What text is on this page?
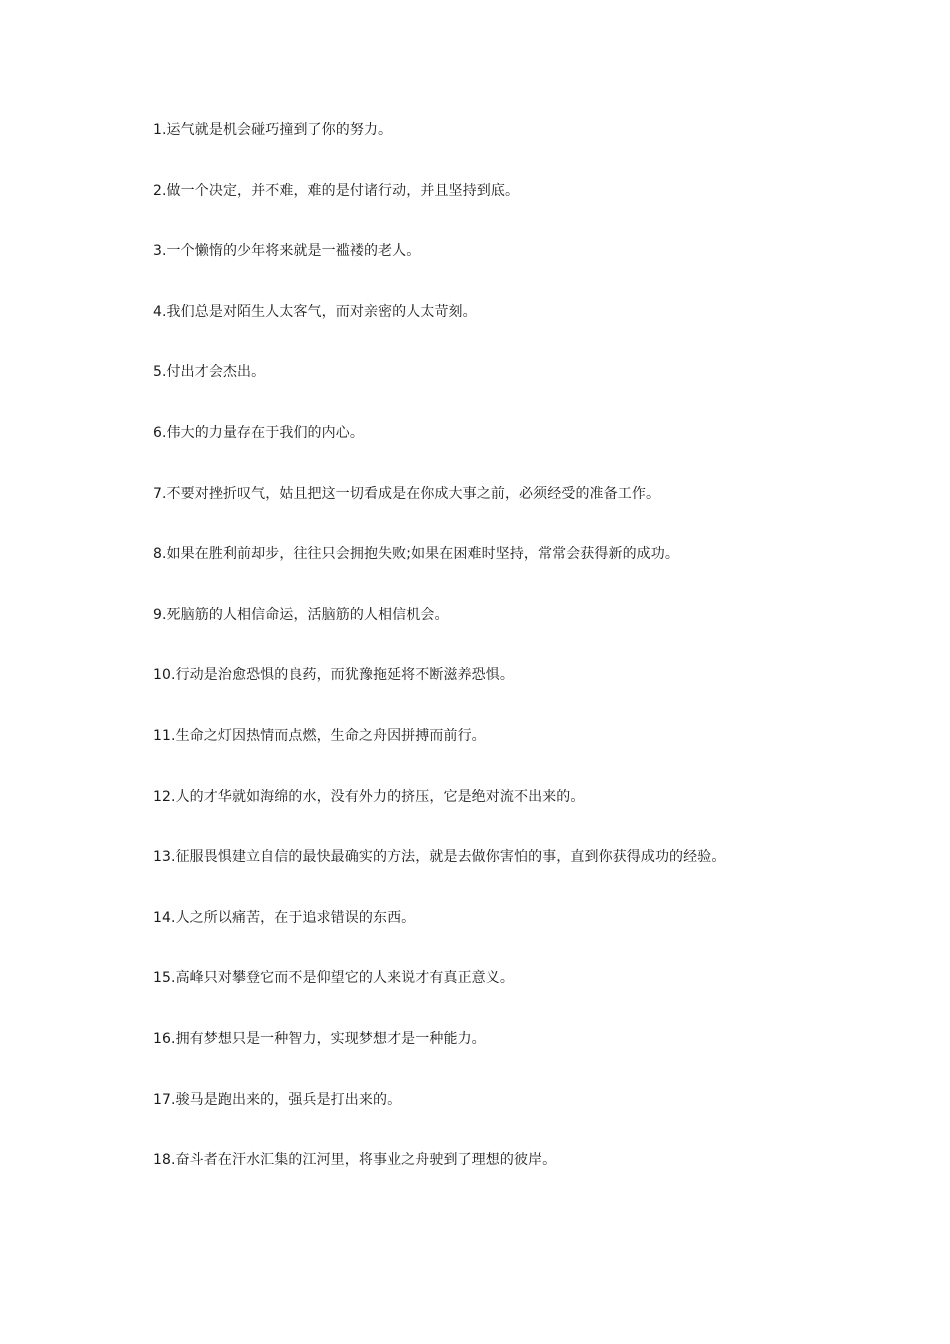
1.运气就是机会碰巧撞到了你的努力。
2.做一个决定，并不难，难的是付诸行动，并且坚持到底。
3.一个懒惰的少年将来就是一褴褛的老人。
4.我们总是对陌生人太客气，而对亲密的人太苛刻。
5.付出才会杰出。
6.伟大的力量存在于我们的内心。
7.不要对挫折叹气，姑且把这一切看成是在你成大事之前，必须经受的准备工作。
8.如果在胜利前却步，往往只会拥抱失败;如果在困难时坚持，常常会获得新的成功。
9.死脑筋的人相信命运，活脑筋的人相信机会。
10.行动是治愈恐惧的良药，而犹豫拖延将不断滋养恐惧。
11.生命之灯因热情而点燃，生命之舟因拼搏而前行。
12.人的才华就如海绵的水，没有外力的挤压，它是绝对流不出来的。
13.征服畏惧建立自信的最快最确实的方法，就是去做你害怕的事，直到你获得成功的经验。
14.人之所以痛苦，在于追求错误的东西。
15.高峰只对攀登它而不是仰望它的人来说才有真正意义。
16.拥有梦想只是一种智力，实现梦想才是一种能力。
17.骏马是跑出来的，强兵是打出来的。
18.奋斗者在汗水汇集的江河里，将事业之舟驶到了理想的彼岸。
